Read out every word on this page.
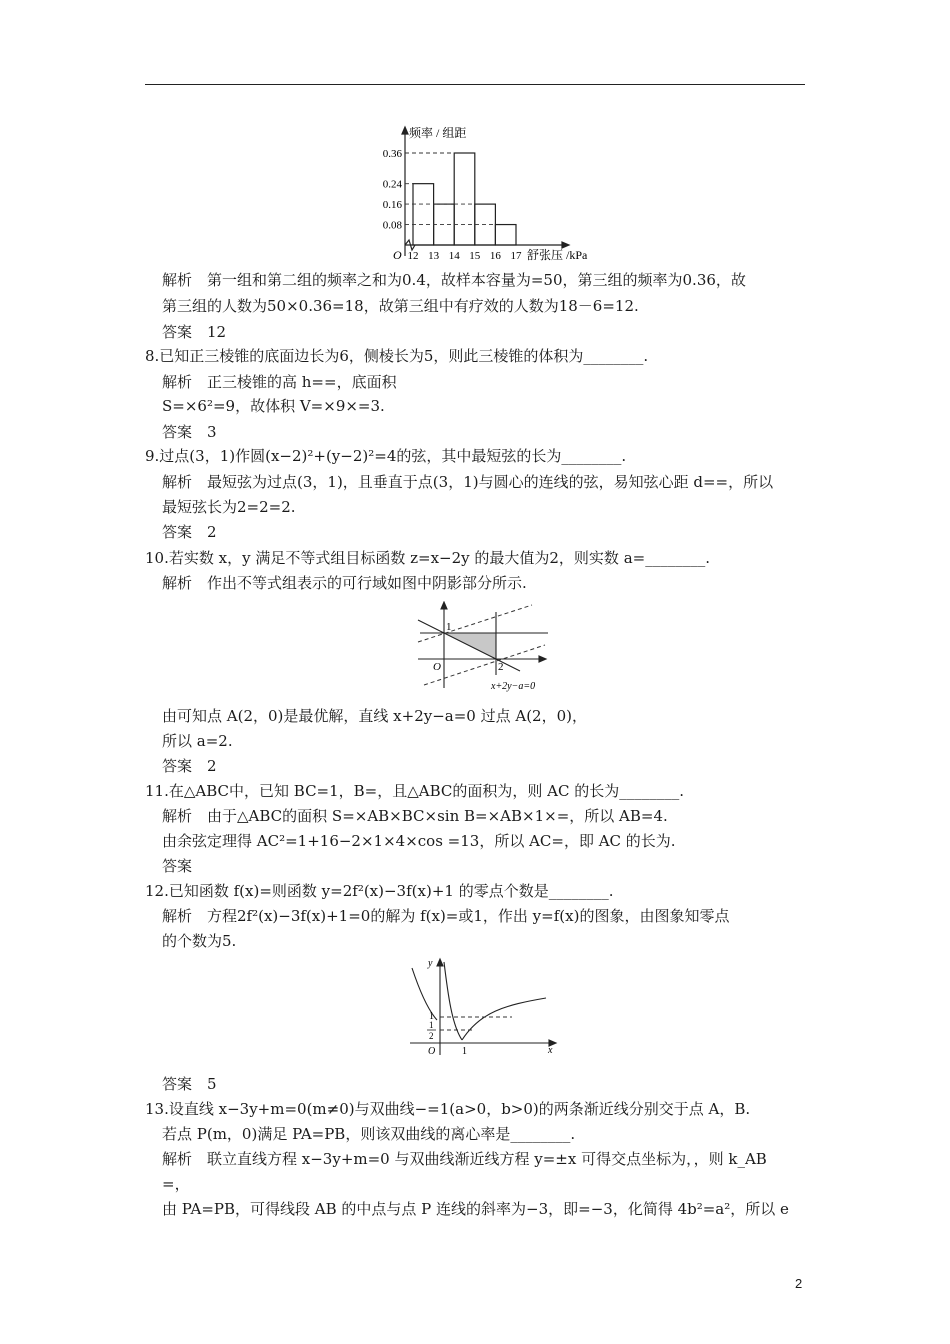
频率 / 组距
舒张压 /kPa
O
0.36
0.24
0.16
0.08
12 13 14 15 16 17
解析　第一组和第二组的频率之和为0.4，故样本容量为=50，第三组的频率为0.36，故
第三组的人数为50×0.36=18，故第三组中有疗效的人数为18－6=12.
答案　12
8.已知正三棱锥的底面边长为6，侧棱长为5，则此三棱锥的体积为________.
解析　正三棱锥的高 h==，底面积
S=×6²=9，故体积 V=×9×=3.
答案　3
9.过点(3，1)作圆(x−2)²+(y−2)²=4的弦，其中最短弦的长为________.
解析　最短弦为过点(3，1)，且垂直于点(3，1)与圆心的连线的弦，易知弦心距 d==，所以
最短弦长为2=2=2.
答案　2
10.若实数 x，y 满足不等式组目标函数 z=x−2y 的最大值为2，则实数 a=________.
解析　作出不等式组表示的可行域如图中阴影部分所示.
1
O	2
x+2y−a=0
由可知点 A(2，0)是最优解，直线 x+2y−a=0 过点 A(2，0)，
所以 a=2.
答案　2
11.在△ABC中，已知 BC=1，B=，且△ABC的面积为，则 AC 的长为________.
解析　由于△ABC的面积 S=×AB×BC×sin B=×AB×1×=，所以 AB=4.
由余弦定理得 AC²=1+16−2×1×4×cos =13，所以 AC=，即 AC 的长为.
答案
12.已知函数 f(x)=则函数 y=2f²(x)−3f(x)+1 的零点个数是________.
解析　方程2f²(x)−3f(x)+1=0的解为 f(x)=或1，作出 y=f(x)的图象，由图象知零点
的个数为5.
y
1
1
2
O	1	x
答案　5
13.设直线 x−3y+m=0(m≠0)与双曲线−=1(a>0，b>0)的两条渐近线分别交于点 A，B.
若点 P(m，0)满足 PA=PB，则该双曲线的离心率是________.
解析　联立直线方程 x−3y+m=0 与双曲线渐近线方程 y=±x 可得交点坐标为，，则 k_AB
=，
由 PA=PB，可得线段 AB 的中点与点 P 连线的斜率为−3，即=−3，化简得 4b²=a²，所以 e
2
